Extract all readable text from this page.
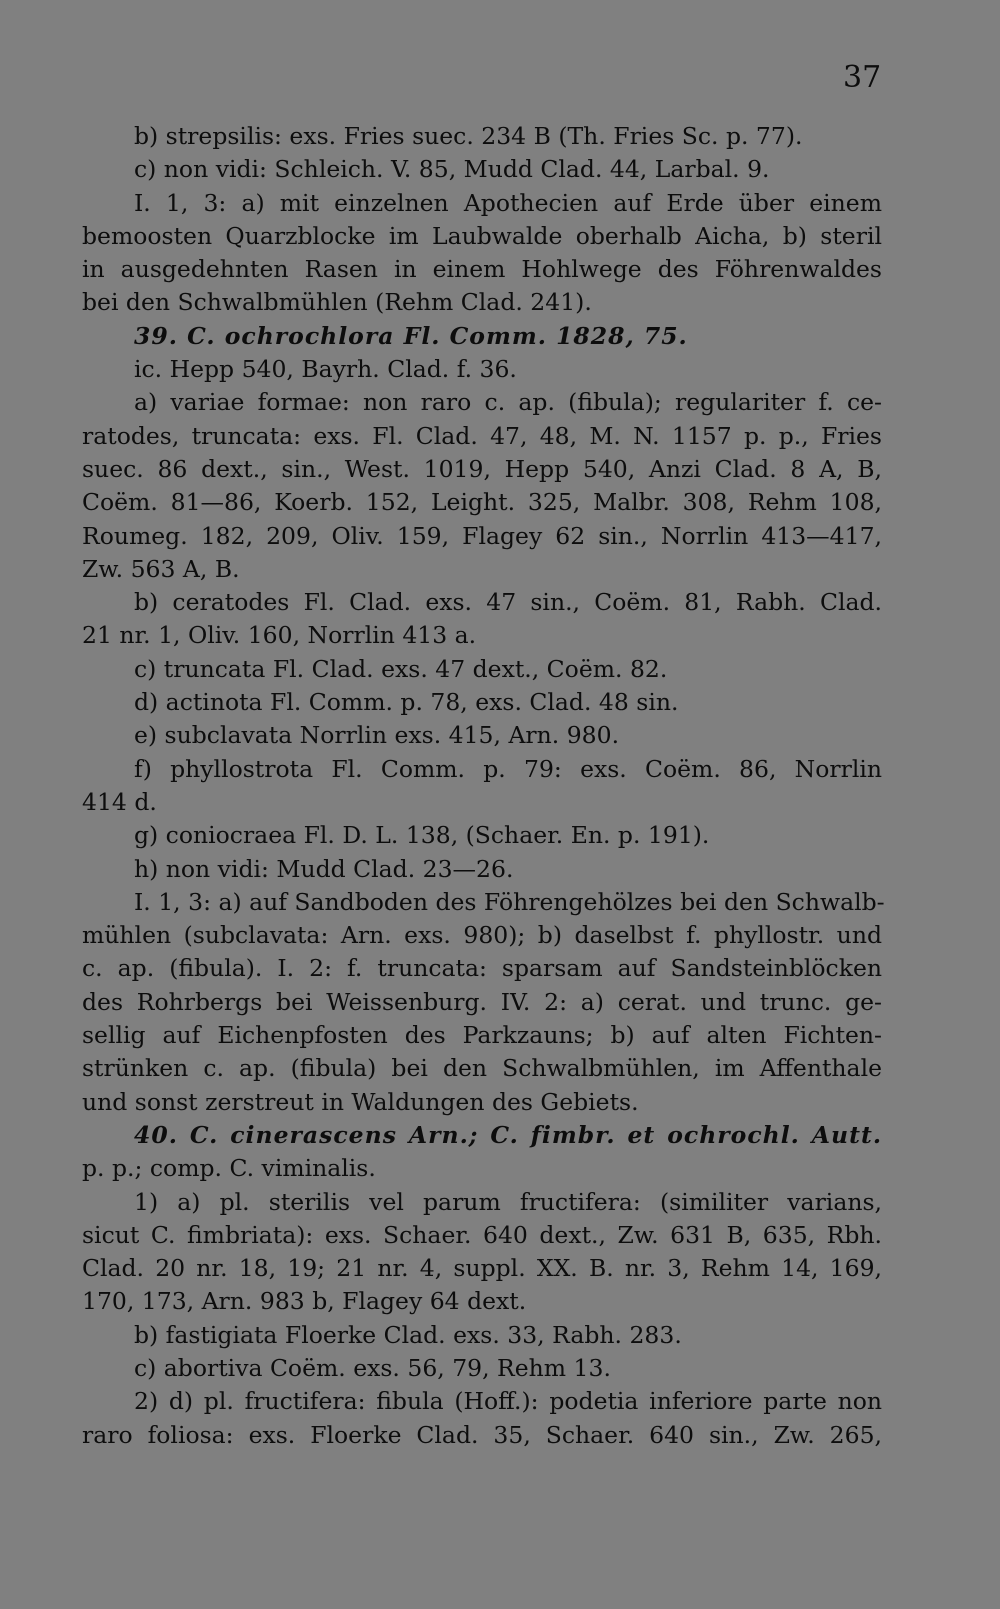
37
b) strepsilis: exs. Fries suec. 234 B (Th. Fries Sc. p. 77).
c) non vidi: Schleich. V. 85, Mudd Clad. 44, Larbal. 9.
I. 1, 3: a) mit einzelnen Apothecien auf Erde über einem
bemoosten Quarzblocke im Laubwalde oberhalb Aicha, b) steril
in ausgedehnten Rasen in einem Hohlwege des Föhrenwaldes
bei den Schwalbmühlen (Rehm Clad. 241).
39. C. ochrochlora Fl. Comm. 1828, 75.
ic. Hepp 540, Bayrh. Clad. f. 36.
a) variae formae: non raro c. ap. (fibula); regulariter f. ce-
ratodes, truncata: exs. Fl. Clad. 47, 48, M. N. 1157 p. p., Fries
suec. 86 dext., sin., West. 1019, Hepp 540, Anzi Clad. 8 A, B,
Coëm. 81—86, Koerb. 152, Leight. 325, Malbr. 308, Rehm 108,
Roumeg. 182, 209, Oliv. 159, Flagey 62 sin., Norrlin 413—417,
Zw. 563 A, B.
b) ceratodes Fl. Clad. exs. 47 sin., Coëm. 81, Rabh. Clad.
21 nr. 1, Oliv. 160, Norrlin 413 a.
c) truncata Fl. Clad. exs. 47 dext., Coëm. 82.
d) actinota Fl. Comm. p. 78, exs. Clad. 48 sin.
e) subclavata Norrlin exs. 415, Arn. 980.
f) phyllostrota Fl. Comm. p. 79: exs. Coëm. 86, Norrlin
414 d.
g) coniocraea Fl. D. L. 138, (Schaer. En. p. 191).
h) non vidi: Mudd Clad. 23—26.
I. 1, 3: a) auf Sandboden des Föhrengehölzes bei den Schwalb-
mühlen (subclavata: Arn. exs. 980); b) daselbst f. phyllostr. und
c. ap. (fibula). I. 2: f. truncata: sparsam auf Sandsteinblöcken
des Rohrbergs bei Weissenburg. IV. 2: a) cerat. und trunc. ge-
sellig auf Eichenpfosten des Parkzauns; b) auf alten Fichten-
strünken c. ap. (fibula) bei den Schwalbmühlen, im Affenthale
und sonst zerstreut in Waldungen des Gebiets.
40. C. cinerascens Arn.; C. fimbr. et ochrochl. Autt.
p. p.; comp. C. viminalis.
1) a) pl. sterilis vel parum fructifera: (similiter varians,
sicut C. fimbriata): exs. Schaer. 640 dext., Zw. 631 B, 635, Rbh.
Clad. 20 nr. 18, 19; 21 nr. 4, suppl. XX. B. nr. 3, Rehm 14, 169,
170, 173, Arn. 983 b, Flagey 64 dext.
b) fastigiata Floerke Clad. exs. 33, Rabh. 283.
c) abortiva Coëm. exs. 56, 79, Rehm 13.
2) d) pl. fructifera: fibula (Hoff.): podetia inferiore parte non
raro foliosa: exs. Floerke Clad. 35, Schaer. 640 sin., Zw. 265,
